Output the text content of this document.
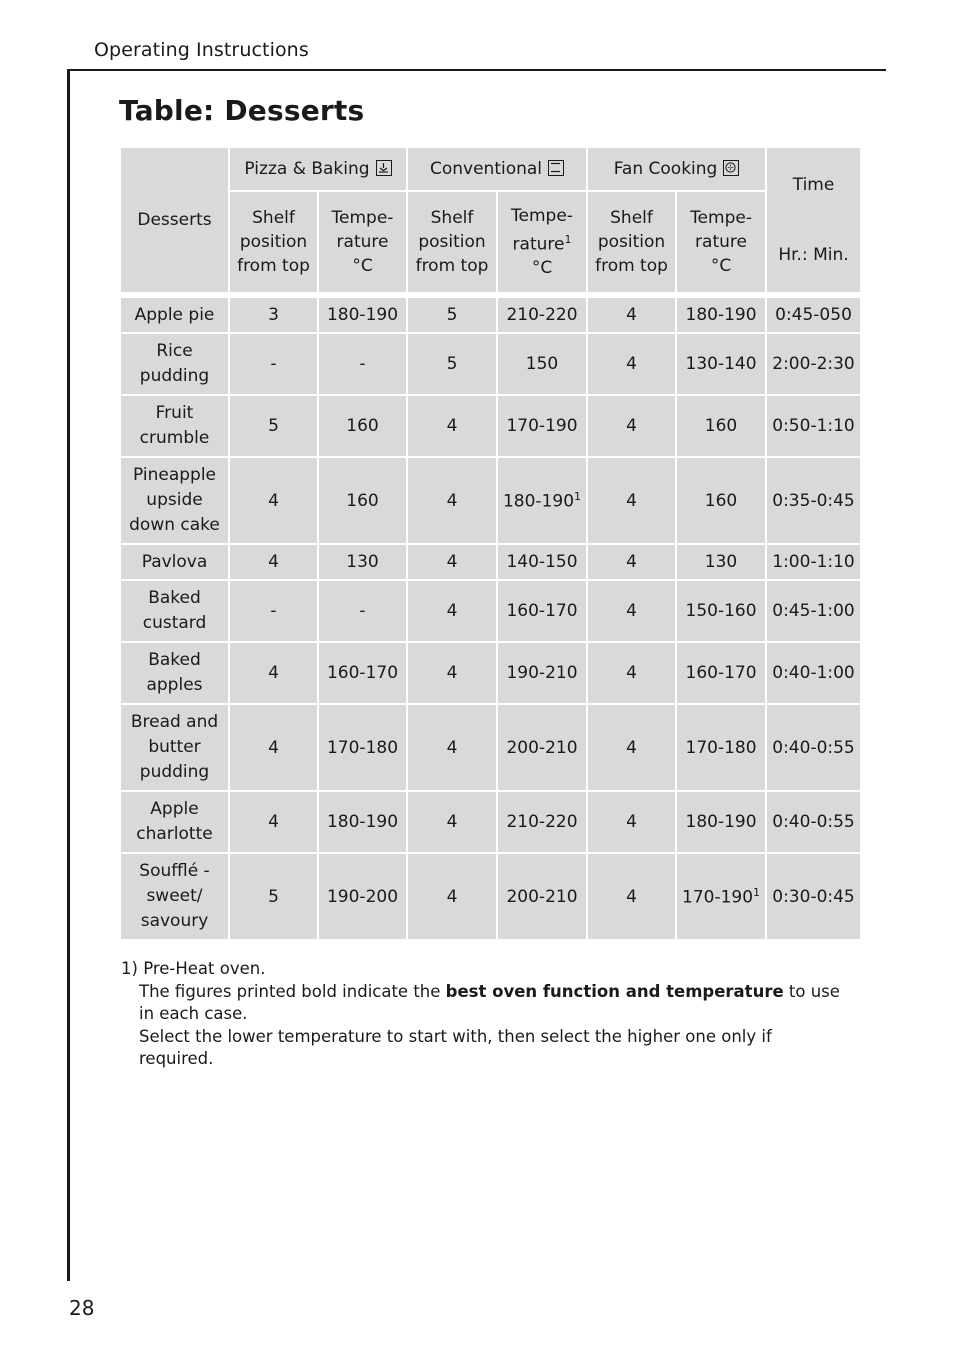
Operating Instructions
Table: Desserts
Desserts	Pizza & Baking		Conventional		Fan Cooking		Time
Hr.: Min.

	Shelf
position
from top	Tempe-
rature
°C	Shelf
position
from top	Tempe-
rature$^1$
°C	Shelf
position
from top	Tempe-
rature
°C	

Apple pie	3	180-190	5	210-220	4	180-190	0:45-050
Rice pudding	-	-	5	150	4	130-140	2:00-2:30
Fruit crumble	5	160	4	170-190	4	160	0:50-1:10
Pineapple upside down cake	4	160	4	$180-190^1$	4	160	0:35-0:45
Pavlova	4	130	4	140-150	4	130	1:00-1:10
Baked custard	-	-	4	160-170	4	150-160	0:45-1:00
Baked apples	4	160-170	4	190-210	4	160-170	0:40-1:00
Bread and butter pudding	4	170-180	4	200-210	4	170-180	0:40-0:55
Apple charlotte	4	180-190	4	210-220	4	180-190	0:40-0:55
Soufflé - sweet/ savoury	5	190-200	4	200-210	4	$170-190^1$	0:30-0:45

1) Pre-Heat oven.

The figures printed bold indicate the best oven function and temperature to use in each case.

Select the lower temperature to start with, then select the higher one only if required.

28
